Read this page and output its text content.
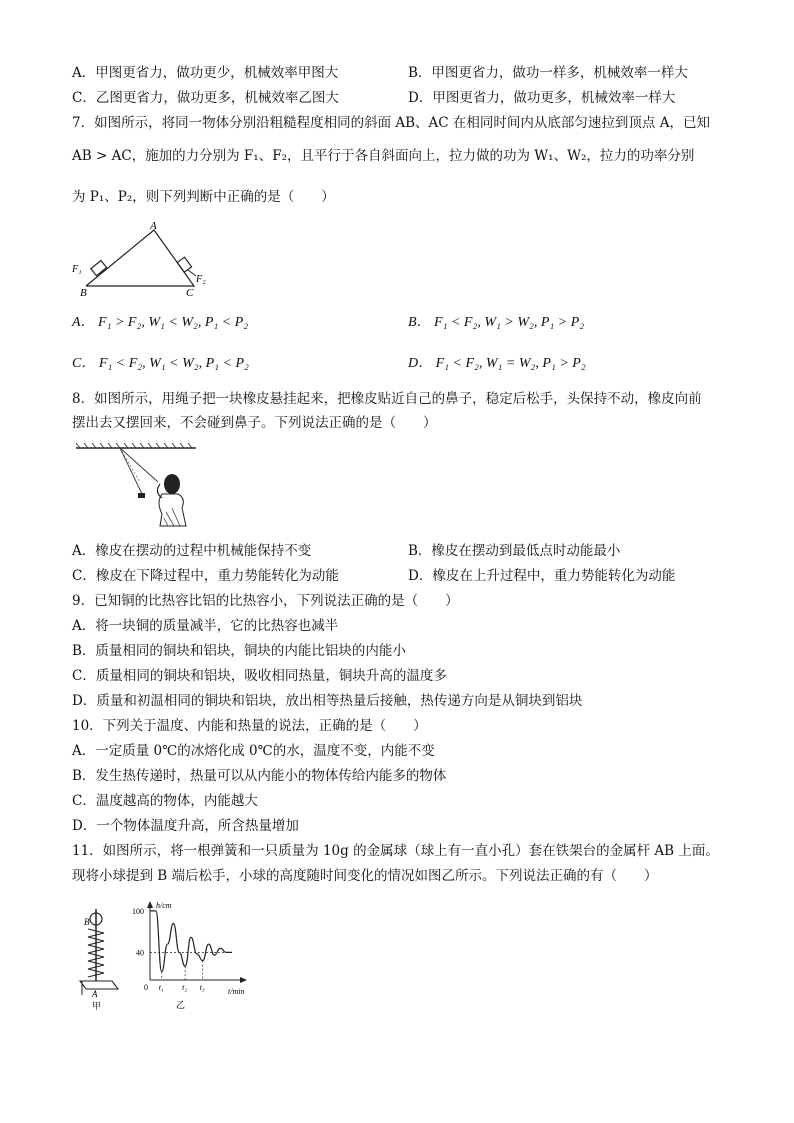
A．甲图更省力，做功更少，机械效率甲图大	B．甲图更省力，做功一样多，机械效率一样大
C．乙图更省力，做功更多，机械效率乙图大	D．甲图更省力，做功更多，机械效率一样大
7．如图所示，将同一物体分别沿粗糙程度相同的斜面 AB、AC 在相同时间内从底部匀速拉到顶点 A，已知
AB > AC，施加的力分别为 F₁、F₂，且平行于各自斜面向上，拉力做的功为 W₁、W₂，拉力的功率分别
为 P₁、P₂，则下列判断中正确的是（　　）
A
B	C
F₁
F₂
A． F₁ > F₂, W₁ < W₂, P₁ < P₂	B． F₁ < F₂, W₁ > W₂, P₁ > P₂
C． F₁ < F₂, W₁ < W₂, P₁ < P₂	D． F₁ < F₂, W₁ = W₂, P₁ > P₂
8．如图所示，用绳子把一块橡皮悬挂起来，把橡皮贴近自己的鼻子，稳定后松手，头保持不动，橡皮向前
摆出去又摆回来，不会碰到鼻子。下列说法正确的是（　　）
A．橡皮在摆动的过程中机械能保持不变	B．橡皮在摆动到最低点时动能最小
C．橡皮在下降过程中，重力势能转化为动能	D．橡皮在上升过程中，重力势能转化为动能
9．已知铜的比热容比铝的比热容小，下列说法正确的是（　　）
A．将一块铜的质量减半，它的比热容也减半
B．质量相同的铜块和铝块，铜块的内能比铝块的内能小
C．质量相同的铜块和铝块，吸收相同热量，铜块升高的温度多
D．质量和初温相同的铜块和铝块，放出相等热量后接触，热传递方向是从铜块到铝块
10．下列关于温度、内能和热量的说法，正确的是（　　）
A．一定质量 0℃的冰熔化成 0℃的水，温度不变，内能不变
B．发生热传递时，热量可以从内能小的物体传给内能多的物体
C．温度越高的物体，内能越大
D．一个物体温度升高，所含热量增加
11．如图所示，将一根弹簧和一只质量为 10g 的金属球（球上有一直小孔）套在铁架台的金属杆 AB 上面。
现将小球提到 B 端后松手，小球的高度随时间变化的情况如图乙所示。下列说法正确的有（　　）
B
A
甲
h/cm
t/min
0
100
40
t₁ t₂ t₃
乙
